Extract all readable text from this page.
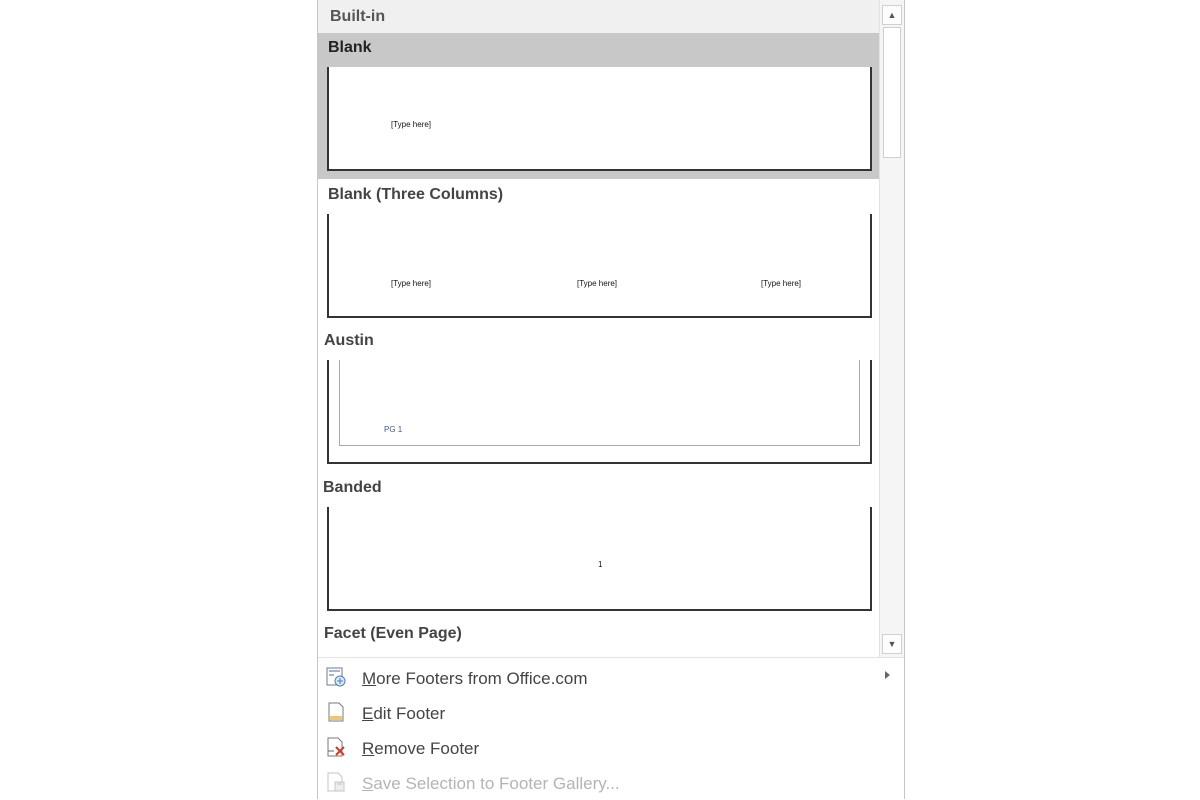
Built-in
Blank
[Type here]
Blank (Three Columns)
[Type here]	[Type here]	[Type here]
Austin
PG 1
Banded
1
Facet (Even Page)
▲
▼
More Footers from Office.com
Edit Footer
Remove Footer
Save Selection to Footer Gallery...
